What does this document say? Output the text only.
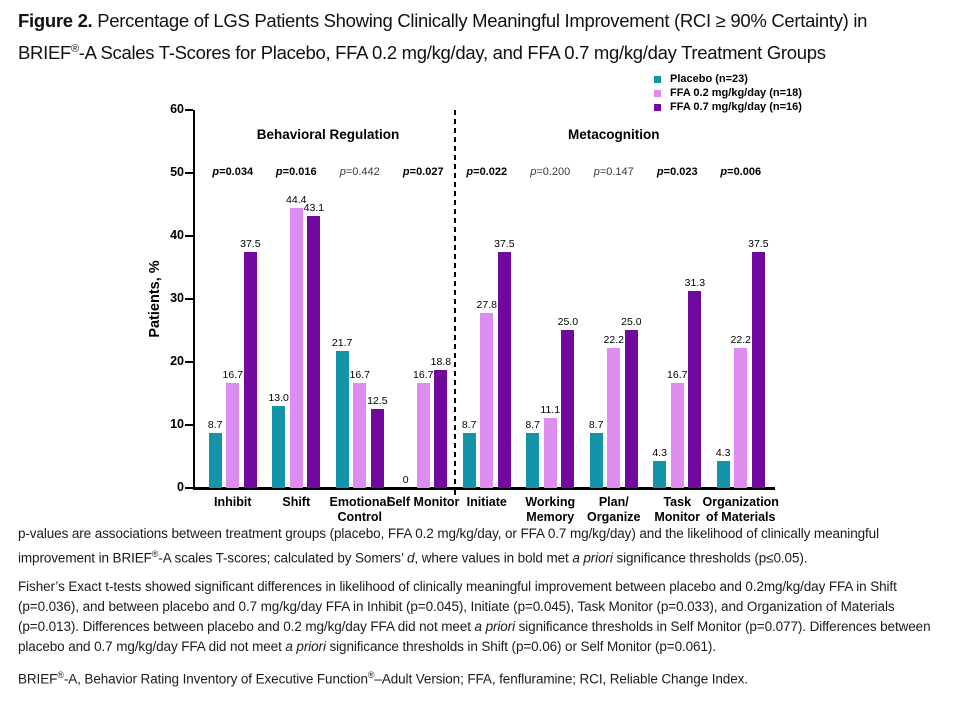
Figure 2. Percentage of LGS Patients Showing Clinically Meaningful Improvement (RCI ≥ 90% Certainty) in
BRIEF®-A Scales T-Scores for Placebo, FFA 0.2 mg/kg/day, and FFA 0.7 mg/kg/day Treatment Groups
Placebo (n=23)
FFA 0.2 mg/kg/day (n=18)
FFA 0.7 mg/kg/day (n=16)
Patients, %
0
10
20
30
40
50
60
p=0.034
8.7
16.7
37.5
Inhibit
p=0.016
13.0
44.4
43.1
Shift
p=0.442
21.7
16.7
12.5
Emotional
Control
p=0.027
0
16.7
18.8
Self Monitor
Behavioral Regulation
p=0.022
8.7
27.8
37.5
Initiate
p=0.200
8.7
11.1
25.0
Working
Memory
p=0.147
8.7
22.2
25.0
Plan/
Organize
p=0.023
4.3
16.7
31.3
Task
Monitor
p=0.006
4.3
22.2
37.5
Organization
of Materials
Metacognition

p-values are associations between treatment groups (placebo, FFA 0.2 mg/kg/day, or FFA 0.7 mg/kg/day) and the likelihood of clinically meaningful improvement in BRIEF®-A scales T-scores; calculated by Somers’ d, where values in bold met a priori significance thresholds (p≤0.05).

Fisher’s Exact t-tests showed significant differences in likelihood of clinically meaningful improvement between placebo and 0.2mg/kg/day FFA in Shift (p=0.036), and between placebo and 0.7 mg/kg/day FFA in Inhibit (p=0.045), Initiate (p=0.045), Task Monitor (p=0.033), and Organization of Materials (p=0.013). Differences between placebo and 0.2 mg/kg/day FFA did not meet a priori significance thresholds in Self Monitor (p=0.077). Differences between placebo and 0.7 mg/kg/day FFA did not meet a priori significance thresholds in Shift (p=0.06) or Self Monitor (p=0.061).

BRIEF®-A, Behavior Rating Inventory of Executive Function®–Adult Version; FFA, fenfluramine; RCI, Reliable Change Index.
